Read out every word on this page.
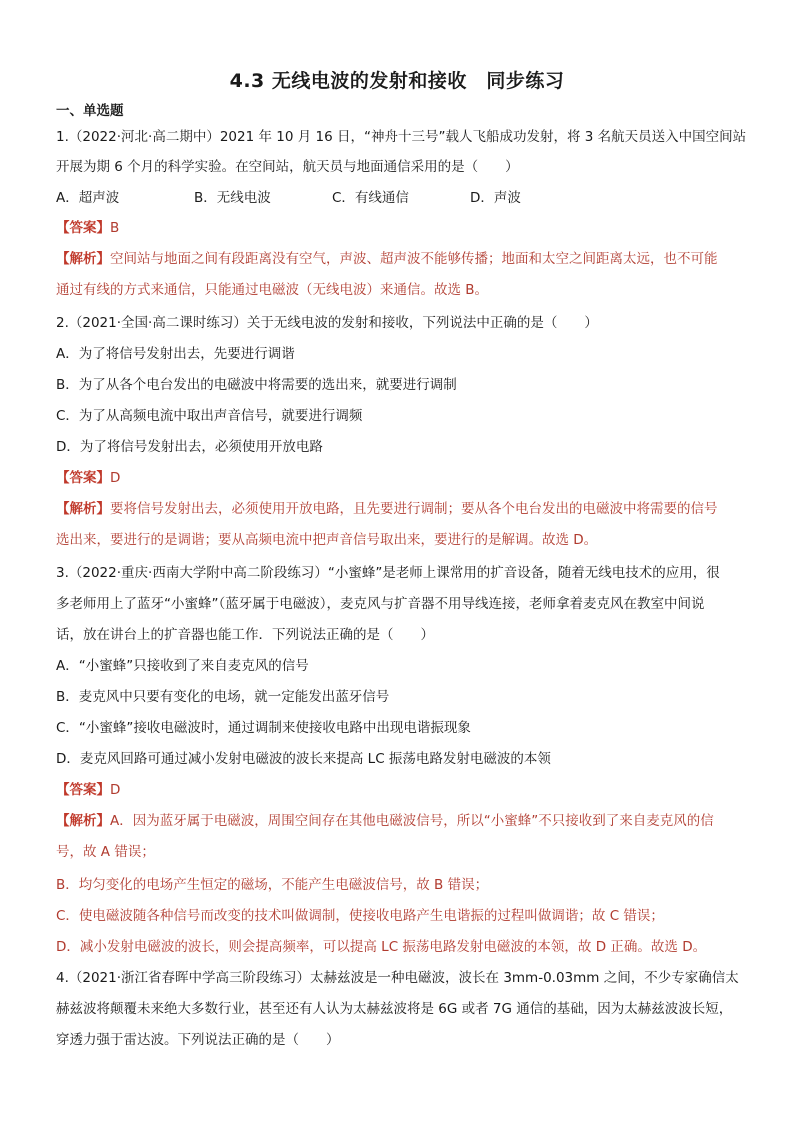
4.3 无线电波的发射和接收　同步练习
一、单选题
1.（2022·河北·高二期中）2021 年 10 月 16 日，“神舟十三号”载人飞船成功发射，将 3 名航天员送入中国空间站
开展为期 6 个月的科学实验。在空间站，航天员与地面通信采用的是（　　）
A．超声波	B．无线电波	C．有线通信	D．声波
【答案】B
【解析】空间站与地面之间有段距离没有空气，声波、超声波不能够传播；地面和太空之间距离太远，也不可能
通过有线的方式来通信，只能通过电磁波（无线电波）来通信。故选 B。
2.（2021·全国·高二课时练习）关于无线电波的发射和接收，下列说法中正确的是（　　）
A．为了将信号发射出去，先要进行调谐
B．为了从各个电台发出的电磁波中将需要的选出来，就要进行调制
C．为了从高频电流中取出声音信号，就要进行调频
D．为了将信号发射出去，必须使用开放电路
【答案】D
【解析】要将信号发射出去，必须使用开放电路，且先要进行调制；要从各个电台发出的电磁波中将需要的信号
选出来，要进行的是调谐；要从高频电流中把声音信号取出来，要进行的是解调。故选 D。
3.（2022·重庆·西南大学附中高二阶段练习）“小蜜蜂”是老师上课常用的扩音设备，随着无线电技术的应用，很
多老师用上了蓝牙“小蜜蜂”（蓝牙属于电磁波），麦克风与扩音器不用导线连接，老师拿着麦克风在教室中间说
话，放在讲台上的扩音器也能工作．下列说法正确的是（　　）
A．“小蜜蜂”只接收到了来自麦克风的信号
B．麦克风中只要有变化的电场，就一定能发出蓝牙信号
C．“小蜜蜂”接收电磁波时，通过调制来使接收电路中出现电谐振现象
D．麦克风回路可通过减小发射电磁波的波长来提高 LC 振荡电路发射电磁波的本领
【答案】D
【解析】A．因为蓝牙属于电磁波，周围空间存在其他电磁波信号，所以“小蜜蜂”不只接收到了来自麦克风的信
号，故 A 错误；
B．均匀变化的电场产生恒定的磁场，不能产生电磁波信号，故 B 错误；
C．使电磁波随各种信号而改变的技术叫做调制，使接收电路产生电谐振的过程叫做调谐；故 C 错误；
D．减小发射电磁波的波长，则会提高频率，可以提高 LC 振荡电路发射电磁波的本领，故 D 正确。故选 D。
4.（2021·浙江省春晖中学高三阶段练习）太赫兹波是一种电磁波，波长在 3mm-0.03mm 之间，不少专家确信太
赫兹波将颠覆未来绝大多数行业，甚至还有人认为太赫兹波将是 6G 或者 7G 通信的基础，因为太赫兹波波长短，
穿透力强于雷达波。下列说法正确的是（　　）
